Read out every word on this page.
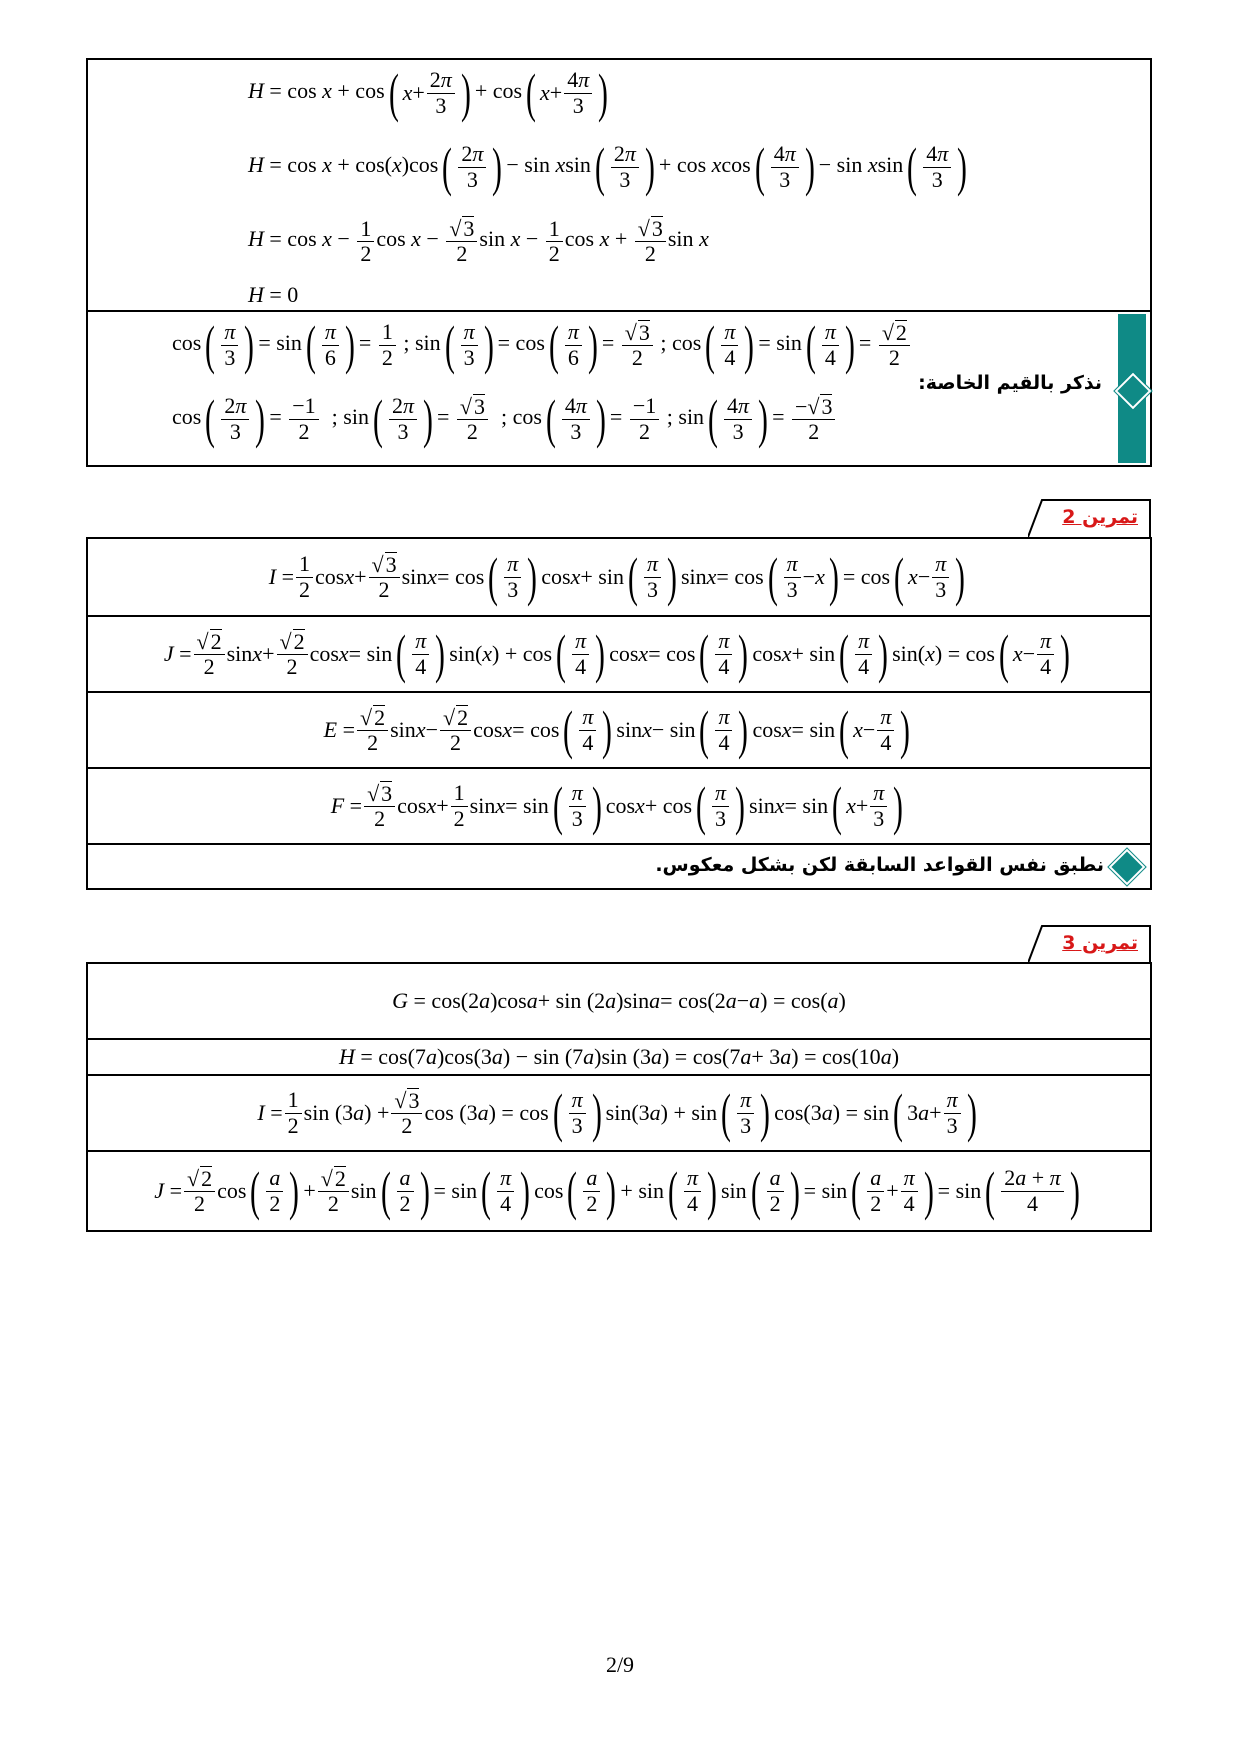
H = cos x + cos ( $x + \frac{2\pi}{3}$
) + cos ( $x + \frac{4\pi}{3}$
)
H = cos x + cos(x)cos ( $\frac{2\pi}{3}$
) − sin xsin ( $\frac{2\pi}{3}$
) + cos xcos ( $\frac{4\pi}{3}$
) − sin xsin ( $\frac{4\pi}{3}$
)
$H = \cos x - \frac{1}{2}$ $\cos x - \frac{√3}{2}$ $\sin x - \frac{1}{2}$ $\cos x + \frac{√3}{2}$ sin x
H = 0
نذكر بالقيم الخاصة:
cos ( $\frac{\pi}{3}$
) = sin ( $\frac{\pi}{6}$
) = $\frac{1}{2}$ ; sin ( $\frac{\pi}{3}$
) = cos ( $\frac{\pi}{6}$
) = $\frac{√3}{2}$ ; cos ( $\frac{\pi}{4}$
) = sin ( $\frac{\pi}{4}$
) = $\frac{√2}{2}$
cos ( $\frac{2\pi}{3}$
) = $\frac{-1}{2}$ ; sin ( $\frac{2\pi}{3}$
) = $\frac{√3}{2}$ ; cos ( $\frac{4\pi}{3}$
) = $\frac{-1}{2}$ ; sin ( $\frac{4\pi}{3}$
) = $\frac{-√3}{2}$
تمرين 2
$I = \frac{1}{2}$ $\cos x + \frac{√3}{2}$ sin x = cos ( $\frac{\pi}{3}$
) cos x + sin ( $\frac{\pi}{3}$
) sin x = cos ( $\frac{\pi}{3} - x$
) = cos ( $x - \frac{\pi}{3}$
)
$J = \frac{√2}{2}$ $\sin x + \frac{√2}{2}$ cos x = sin ( $\frac{\pi}{4}$
) sin( x ) + cos ( $\frac{\pi}{4}$
) cos x = cos ( $\frac{\pi}{4}$
) cos x + sin ( $\frac{\pi}{4}$
) sin( x ) = cos ( $x - \frac{\pi}{4}$
)
$E = \frac{√2}{2}$ $\sin x - \frac{√2}{2}$ cos x = cos ( $\frac{\pi}{4}$
) sin x − sin ( $\frac{\pi}{4}$
) cos x = sin ( $x - \frac{\pi}{4}$
)
$F = \frac{√3}{2}$ $\cos x + \frac{1}{2}$ sin x = sin ( $\frac{\pi}{3}$
) cos x + cos ( $\frac{\pi}{3}$
) sin x = sin ( $x + \frac{\pi}{3}$
)
نطبق نفس القواعد السابقة لكن بشكل معكوس.
تمرين 3
G = cos(2 a )cos a + sin (2 a )sin a = cos(2 a − a ) = cos( a )
H = cos(7 a )cos(3 a ) − sin (7 a )sin (3 a ) = cos(7 a + 3 a ) = cos(10 a )
$I = \frac{1}{2}$ sin (3 a ) + $\frac{√3}{2}$ cos (3 a ) = cos ( $\frac{\pi}{3}$
) sin(3 a ) + sin ( $\frac{\pi}{3}$
) cos(3 a ) = sin ( 3 $a + \frac{\pi}{3}$
)
$J = \frac{√2}{2}$ cos ( $\frac{a}{2}$
) + $\frac{√2}{2}$ sin ( $\frac{a}{2}$
) = sin ( $\frac{\pi}{4}$
) cos ( $\frac{a}{2}$
) + sin ( $\frac{\pi}{4}$
) sin ( $\frac{a}{2}$
) = sin ( $\frac{a}{2} + \frac{\pi}{4}$
) = sin ( $\frac{2a + \pi}{4}$
)
2/9
